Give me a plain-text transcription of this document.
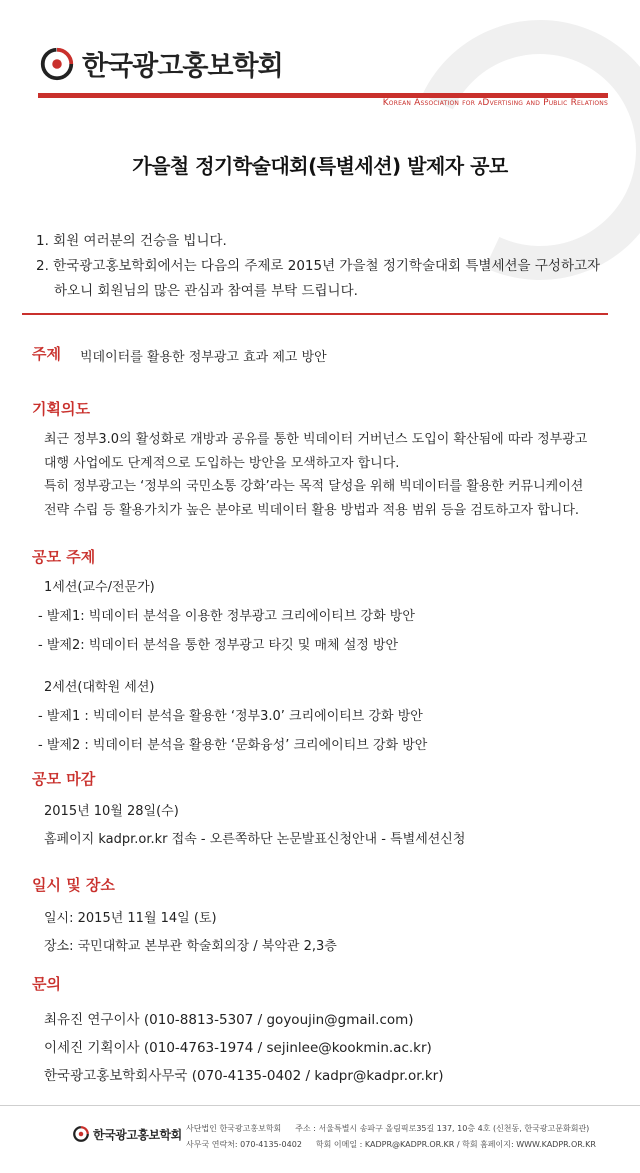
한국광고홍보학회
Korean Association for aDvertising and Public Relations
가을철 정기학술대회(특별세션) 발제자 공모
1. 회원 여러분의 건승을 빕니다.
2. 한국광고홍보학회에서는 다음의 주제로 2015년 가을철 정기학술대회 특별세션을 구성하고자
하오니 회원님의 많은 관심과 참여를 부탁 드립니다.
주제 빅데이터를 활용한 정부광고 효과 제고 방안
기획의도
최근 정부3.0의 활성화로 개방과 공유를 통한 빅데이터 거버넌스 도입이 확산됨에 따라 정부광고
대행 사업에도 단계적으로 도입하는 방안을 모색하고자 합니다.
특히 정부광고는 ‘정부의 국민소통 강화’라는 목적 달성을 위해 빅데이터를 활용한 커뮤니케이션
전략 수립 등 활용가치가 높은 분야로 빅데이터 활용 방법과 적용 범위 등을 검토하고자 합니다.
공모 주제
1세션(교수/전문가)
- 발제1: 빅데이터 분석을 이용한 정부광고 크리에이티브 강화 방안
- 발제2: 빅데이터 분석을 통한 정부광고 타깃 및 매체 설정 방안
2세션(대학원 세션)
- 발제1 : 빅데이터 분석을 활용한 ‘정부3.0’ 크리에이티브 강화 방안
- 발제2 : 빅데이터 분석을 활용한 ‘문화융성’ 크리에이티브 강화 방안
공모 마감
2015년 10월 28일(수)
홈페이지 kadpr.or.kr 접속 - 오른쪽하단 논문발표신청안내 - 특별세션신청
일시 및 장소
일시: 2015년 11월 14일 (토)
장소: 국민대학교 본부관 학술회의장 / 북악관 2,3층
문의
최유진 연구이사 (010-8813-5307 / goyoujin@gmail.com)
이세진 기획이사 (010-4763-1974 / sejinlee@kookmin.ac.kr)
한국광고홍보학회사무국 (070-4135-0402 / kadpr@kadpr.or.kr)
한국광고홍보학회 사단법인 한국광고홍보학회 주소 : 서울특별시 송파구 올림픽로35길 137, 10층 4호 (신천동, 한국광고문화회관)
사무국 연락처: 070-4135-0402 학회 이메일 : KADPR@KADPR.OR.KR / 학회 홈페이지: WWW.KADPR.OR.KR
